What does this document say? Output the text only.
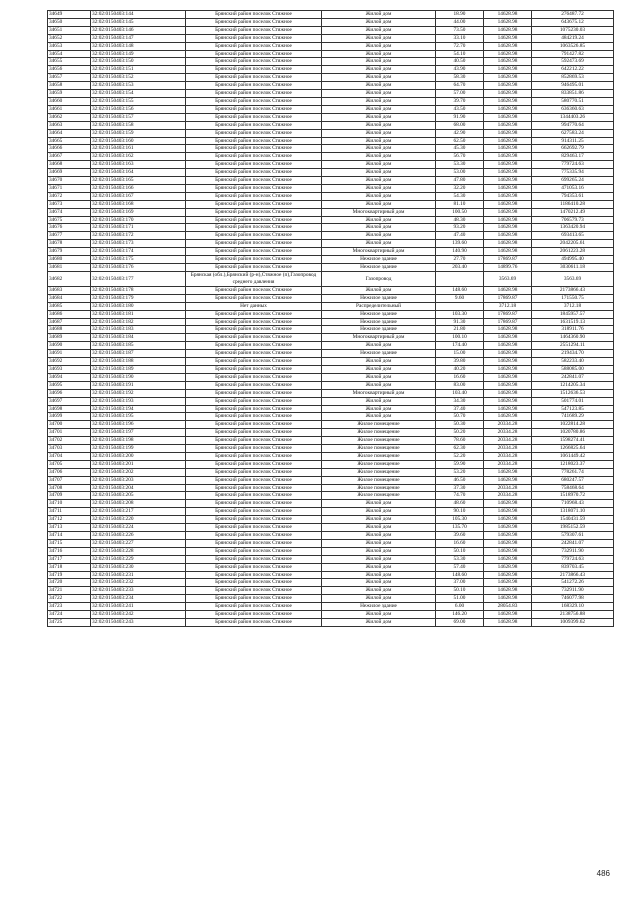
34649	32:02:0150403:144	Брянский район поселок Стяжное	Жилой дом	18.90	14628.98	276487.72
34650	32:02:0150403:145	Брянский район поселок Стяжное	Жилой дом	44.00	14628.98	643675.12
34651	32:02:0150403:146	Брянский район поселок Стяжное	Жилой дом	73.50	14628.98	1075230.03
34652	32:02:0150403:147	Брянский район поселок Стяжное	Жилой дом	33.10	14628.98	484219.24
34653	32:02:0150403:148	Брянский район поселок Стяжное	Жилой дом	72.70	14628.98	1063526.85
34654	32:02:0150403:149	Брянский район поселок Стяжное	Жилой дом	54.10	14628.98	791427.82
34655	32:02:0150403:150	Брянский район поселок Стяжное	Жилой дом	40.50	14628.98	592473.69
34656	32:02:0150403:151	Брянский район поселок Стяжное	Жилой дом	43.90	14628.98	642212.22
34657	32:02:0150403:152	Брянский район поселок Стяжное	Жилой дом	58.30	14628.98	852869.53
34658	32:02:0150403:153	Брянский район поселок Стяжное	Жилой дом	64.70	14628.98	946495.01
34659	32:02:0150403:154	Брянский район поселок Стяжное	Жилой дом	57.00	14628.98	833851.86
34660	32:02:0150403:155	Брянский район поселок Стяжное	Жилой дом	39.70	14628.98	580770.51
34661	32:02:0150403:156	Брянский район поселок Стяжное	Жилой дом	43.50	14628.98	636360.63
34662	32:02:0150403:157	Брянский район поселок Стяжное	Жилой дом	91.90	14628.98	1344403.26
34663	32:02:0150403:158	Брянский район поселок Стяжное	Жилой дом	68.00	14628.98	994770.64
34664	32:02:0150403:159	Брянский район поселок Стяжное	Жилой дом	42.90	14628.98	627583.24
34665	32:02:0150403:160	Брянский район поселок Стяжное	Жилой дом	62.50	14628.98	914311.25
34666	32:02:0150403:161	Брянский район поселок Стяжное	Жилой дом	45.30	14628.98	662692.79
34667	32:02:0150403:162	Брянский район поселок Стяжное	Жилой дом	56.70	14628.98	829463.17
34668	32:02:0150403:163	Брянский район поселок Стяжное	Жилой дом	53.30	14628.98	779724.63
34669	32:02:0150403:164	Брянский район поселок Стяжное	Жилой дом	53.00	14628.98	775335.94
34670	32:02:0150403:165	Брянский район поселок Стяжное	Жилой дом	47.80	14628.98	699265.24
34671	32:02:0150403:166	Брянский район поселок Стяжное	Жилой дом	32.20	14628.98	471053.16
34672	32:02:0150403:167	Брянский район поселок Стяжное	Жилой дом	54.30	14628.98	794353.61
34673	32:02:0150403:168	Брянский район поселок Стяжное	Жилой дом	81.10	14628.98	1186410.28
34674	32:02:0150403:169	Брянский район поселок Стяжное	Многоквартирный дом	100.50	14628.98	1470212.49
34675	32:02:0150403:170	Брянский район поселок Стяжное	Жилой дом	48.30	14628.98	706579.73
34676	32:02:0150403:171	Брянский район поселок Стяжное	Жилой дом	93.20	14628.98	1363420.94
34677	32:02:0150403:172	Брянский район поселок Стяжное	Жилой дом	47.40	14628.98	693413.65
34678	32:02:0150403:173	Брянский район поселок Стяжное	Жилой дом	139.60	14628.98	2042205.61
34679	32:02:0150403:174	Брянский район поселок Стяжное	Многоквартирный дом	140.90	14628.98	2061223.28
34680	32:02:0150403:175	Брянский район поселок Стяжное	Нежилое здание	27.70	17869.87	494995.40
34681	32:02:0150403:176	Брянский район поселок Стяжное	Нежилое здание	203.40	14899.76	3030611.18
34682	32:02:0150403:177	Брянская (обл.),Брянский (р-н),Стяжное (п),Газопровод среднего давления	Газопровод		3563.69	3563.69
34683	32:02:0150403:178	Брянский район поселок Стяжное	Жилой дом	148.60	14628.98	2173866.43
34684	32:02:0150403:179	Брянский район поселок Стяжное	Нежилое здание	9.60	17869.87	171550.75
34685	32:02:0150403:180	Нет данных	Распределительный		3712.18	3712.18
34686	32:02:0150403:181	Брянский район поселок Стяжное	Нежилое здание	103.30	17869.87	1845957.57
34687	32:02:0150403:182	Брянский район поселок Стяжное	Нежилое здание	91.30	17869.87	1631519.13
34688	32:02:0150403:183	Брянский район поселок Стяжное	Нежилое здание	21.80	14628.98	318911.76
34689	32:02:0150403:184	Брянский район поселок Стяжное	Многоквартирный дом	100.10	14628.98	1464360.90
34690	32:02:0150403:185	Брянский район поселок Стяжное	Жилой дом	174.40	14628.98	2551294.11
34691	32:02:0150403:187	Брянский район поселок Стяжное	Нежилое здание	15.00	14628.98	219434.70
34692	32:02:0150403:188	Брянский район поселок Стяжное	Жилой дом	39.80	14628.98	582233.40
34693	32:02:0150403:189	Брянский район поселок Стяжное	Жилой дом	40.20	14628.98	588085.00
34694	32:02:0150403:190	Брянский район поселок Стяжное	Жилой дом	16.60	14628.98	242841.07
34695	32:02:0150403:191	Брянский район поселок Стяжное	Жилой дом	83.00	14628.98	1214205.34
34696	32:02:0150403:192	Брянский район поселок Стяжное	Многоквартирный дом	103.40	14628.98	1512636.53
34697	32:02:0150403:193	Брянский район поселок Стяжное	Жилой дом	34.30	14628.98	501774.01
34698	32:02:0150403:194	Брянский район поселок Стяжное	Жилой дом	37.40	14628.98	547123.85
34699	32:02:0150403:195	Брянский район поселок Стяжное	Жилой дом	50.70	14628.98	741689.29
34700	32:02:0150403:196	Брянский район поселок Стяжное	Жилое помещение	50.30	20334.28	1022814.28
34701	32:02:0150403:197	Брянский район поселок Стяжное	Жилое помещение	50.20	20334.28	1020780.86
34702	32:02:0150403:198	Брянский район поселок Стяжное	Жилое помещение	78.60	20334.28	1598274.41
34703	32:02:0150403:199	Брянский район поселок Стяжное	Жилое помещение	62.30	20334.28	1266825.64
34704	32:02:0150403:200	Брянский район поселок Стяжное	Жилое помещение	52.20	20334.28	1061449.42
34705	32:02:0150403:201	Брянский район поселок Стяжное	Жилое помещение	59.90	20334.28	1218023.37
34706	32:02:0150403:202	Брянский район поселок Стяжное	Жилое помещение	53.20	14628.98	778261.74
34707	32:02:0150403:203	Брянский район поселок Стяжное	Жилое помещение	46.50	14628.98	680247.57
34708	32:02:0150403:204	Брянский район поселок Стяжное	Жилое помещение	37.30	20334.28	758468.64
34709	32:02:0150403:205	Брянский район поселок Стяжное	Жилое помещение	74.70	20334.28	1518970.72
34710	32:02:0150403:208	Брянский район поселок Стяжное	Жилой дом	48.60	14628.98	710968.43
34711	32:02:0150403:217	Брянский район поселок Стяжное	Жилой дом	90.10	14628.98	1318071.10
34712	32:02:0150403:220	Брянский район поселок Стяжное	Жилой дом	105.30	14628.98	1540431.59
34713	32:02:0150403:224	Брянский район поселок Стяжное	Жилой дом	135.70	14628.98	1985152.59
34714	32:02:0150403:226	Брянский район поселок Стяжное	Жилой дом	39.60	14628.98	579307.61
34715	32:02:0150403:227	Брянский район поселок Стяжное	Жилой дом	16.60	14628.98	242841.07
34716	32:02:0150403:228	Брянский район поселок Стяжное	Жилой дом	50.10	14628.98	732911.90
34717	32:02:0150403:229	Брянский район поселок Стяжное	Жилой дом	53.30	14628.98	779724.63
34718	32:02:0150403:230	Брянский район поселок Стяжное	Жилой дом	57.40	14628.98	839703.45
34719	32:02:0150403:231	Брянский район поселок Стяжное	Жилой дом	148.60	14628.98	2173866.43
34720	32:02:0150403:232	Брянский район поселок Стяжное	Жилой дом	37.00	14628.98	541272.26
34721	32:02:0150403:233	Брянский район поселок Стяжное	Жилой дом	50.10	14628.98	732911.90
34722	32:02:0150403:234	Брянский район поселок Стяжное	Жилой дом	51.00	14628.98	746077.98
34723	32:02:0150403:241	Брянский район поселок Стяжное	Нежилое здание	6.00	28054.83	168329.10
34724	32:02:0150403:242	Брянский район поселок Стяжное	Жилой дом	146.20	14628.98	2138756.88
34725	32:02:0150403:243	Брянский район поселок Стяжное	Жилой дом	69.00	14628.98	1009399.62
486
